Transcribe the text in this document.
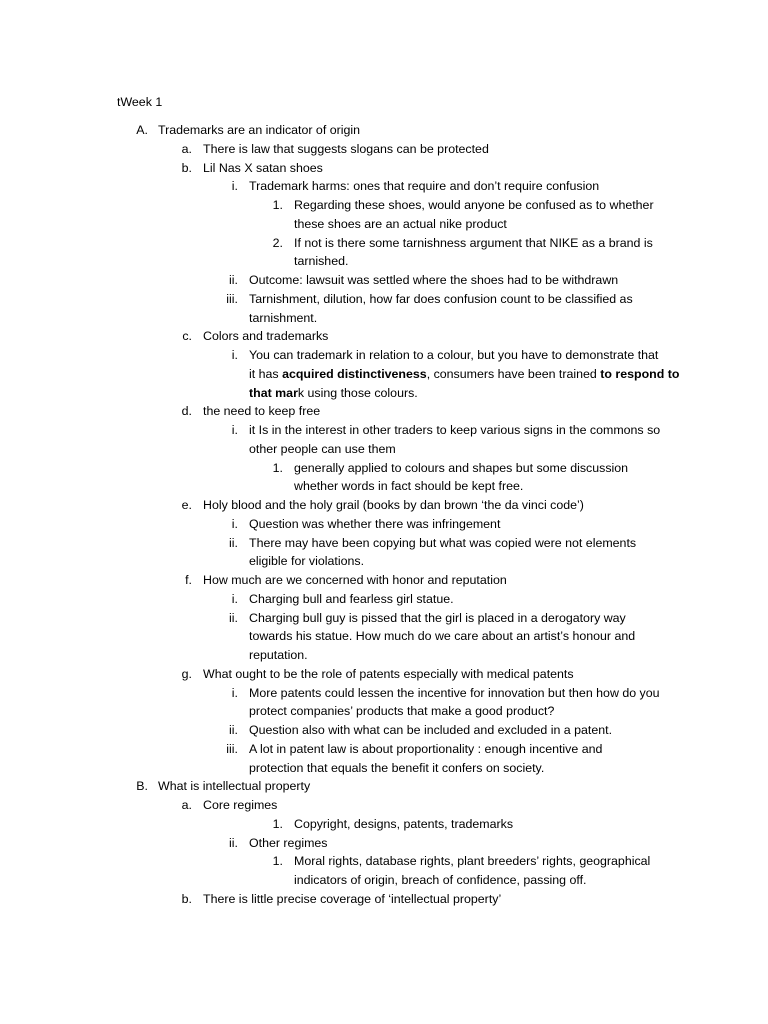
tWeek 1
A. Trademarks are an indicator of origin
a. There is law that suggests slogans can be protected
b. Lil Nas X satan shoes
i. Trademark harms: ones that require and don’t require confusion
1. Regarding these shoes, would anyone be confused as to whether
these shoes are an actual nike product
2. If not is there some tarnishness argument that NIKE as a brand is
tarnished.
ii. Outcome: lawsuit was settled where the shoes had to be withdrawn
iii. Tarnishment, dilution, how far does confusion count to be classified as
tarnishment.
c. Colors and trademarks
i. You can trademark in relation to a colour, but you have to demonstrate that
it has acquired distinctiveness, consumers have been trained to respond to
that mark using those colours.
d. the need to keep free
i. it Is in the interest in other traders to keep various signs in the commons so
other people can use them
1. generally applied to colours and shapes but some discussion
whether words in fact should be kept free.
e. Holy blood and the holy grail (books by dan brown ‘the da vinci code’)
i. Question was whether there was infringement
ii. There may have been copying but what was copied were not elements
eligible for violations.
f. How much are we concerned with honor and reputation
i. Charging bull and fearless girl statue.
ii. Charging bull guy is pissed that the girl is placed in a derogatory way
towards his statue. How much do we care about an artist’s honour and
reputation.
g. What ought to be the role of patents especially with medical patents
i. More patents could lessen the incentive for innovation but then how do you
protect companies’ products that make a good product?
ii. Question also with what can be included and excluded in a patent.
iii. A lot in patent law is about proportionality : enough incentive and
protection that equals the benefit it confers on society.
B. What is intellectual property
a. Core regimes
1. Copyright, designs, patents, trademarks
ii. Other regimes
1. Moral rights, database rights, plant breeders’ rights, geographical
indicators of origin, breach of confidence, passing off.
b. There is little precise coverage of ‘intellectual property’
